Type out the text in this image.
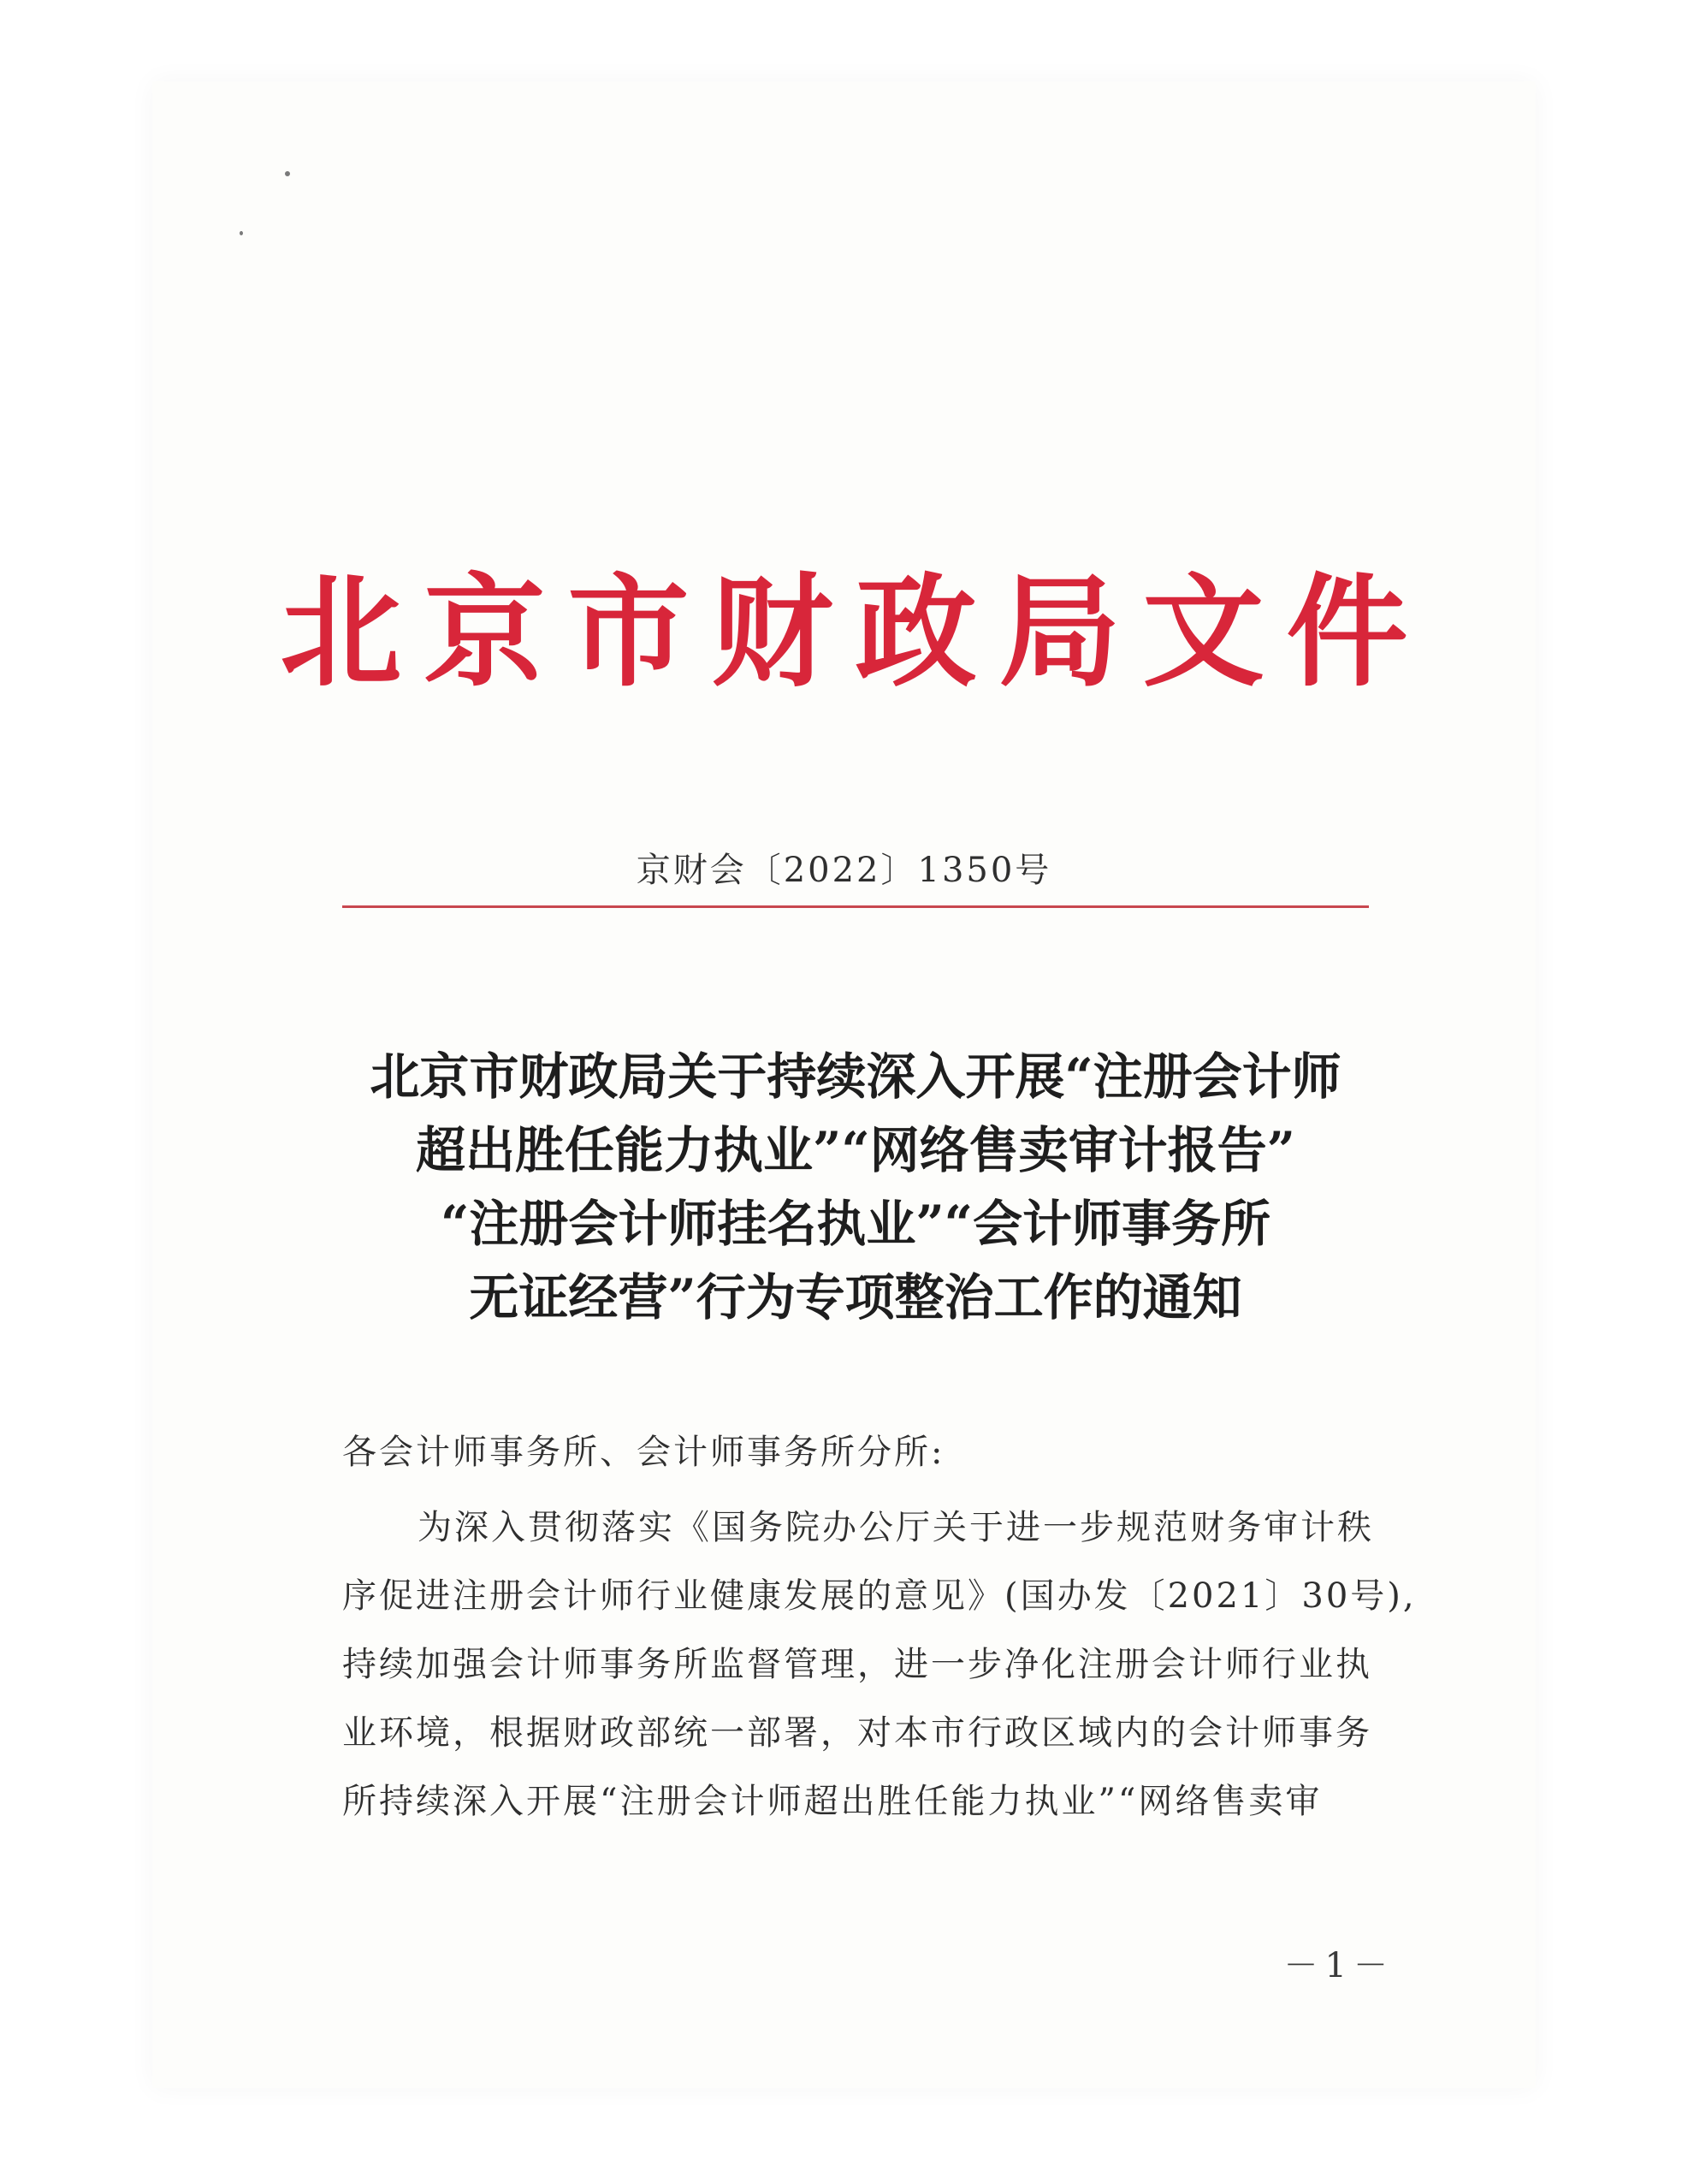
北京市财政局文件
京财会〔2022〕1350号
北京市财政局关于持续深入开展“注册会计师
超出胜任能力执业”“网络售卖审计报告”
“注册会计师挂名执业”“会计师事务所
无证经营”行为专项整治工作的通知
各会计师事务所、会计师事务所分所:
为深入贯彻落实《国务院办公厅关于进一步规范财务审计秩
序促进注册会计师行业健康发展的意见》(国办发〔2021〕30号),
持续加强会计师事务所监督管理，进一步净化注册会计师行业执
业环境，根据财政部统一部署，对本市行政区域内的会计师事务
所持续深入开展“注册会计师超出胜任能力执业”“网络售卖审
－1－
